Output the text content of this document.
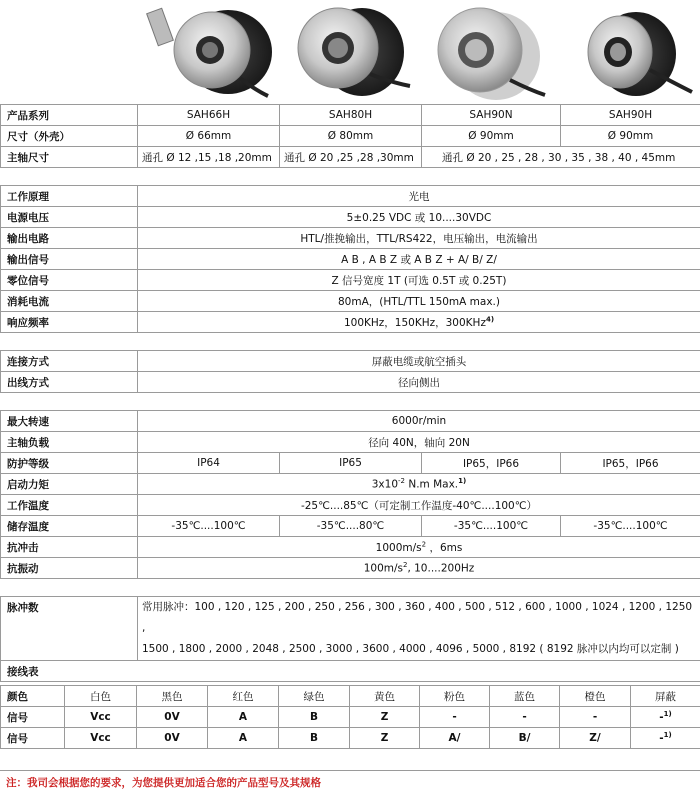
产品系列	SAH66H	SAH80H	SAH90N	SAH90H
尺寸（外壳）	Ø 66mm	Ø 80mm	Ø 90mm	Ø 90mm
主轴尺寸	通孔 Ø 12 ,15 ,18 ,20mm	通孔 Ø 20 ,25 ,28 ,30mm	通孔 Ø 20 , 25 , 28 , 30 , 35 , 38 , 40 , 45mm	

工作原理	光电			
电源电压	5±0.25 VDC 或 10....30VDC			
输出电路	HTL/推挽输出，TTL/RS422，电压输出，电流输出			
输出信号	A B , A B Z 或 A B Z + A/ B/ Z/			
零位信号	Z 信号宽度 1T (可选 0.5T 或 0.25T)			
消耗电流	80mA，(HTL/TTL 150mA max.)			
响应频率	100KHz，150KHz，300KHz$^{4)}$

连接方式	屏蔽电缆或航空插头			
出线方式	径向侧出			

最大转速	6000r/min			
主轴负载	径向 40N，轴向 20N			
防护等级	IP64	IP65	IP65，IP66	IP65，IP66
启动力矩	$3x10^{-2}$ N.m Max.$^{1)}$
工作温度	-25℃....85℃（可定制工作温度-40℃....100℃）			
储存温度	-35℃....100℃	-35℃....80℃	-35℃....100℃	-35℃....100℃
抗冲击	$1000m/s^2$ ，6ms			
抗振动	$100m/s^2$, 10....200Hz			

脉冲数	常用脉冲：100 , 120 , 125 , 200 , 250 , 256 , 300 , 360 , 400 , 500 , 512 , 600 , 1000 , 1024 , 1200 , 1250 ,
1500 , 1800 , 2000 , 2048 , 2500 , 3000 , 3600 , 4000 , 4096 , 5000 , 8192 ( 8192 脉冲以内均可以定制 )			
接线表				
颜色	白色	黑色	红色	绿色	黄色	粉色	蓝色	橙色	屏蔽
信号	Vcc	0V	A	B	Z	-	-	-	-$^{1)}$
信号	Vcc	0V	A	B	Z	A/	B/	Z/	-$^{1)}$
注：我司会根据您的要求，为您提供更加适合您的产品型号及其规格
